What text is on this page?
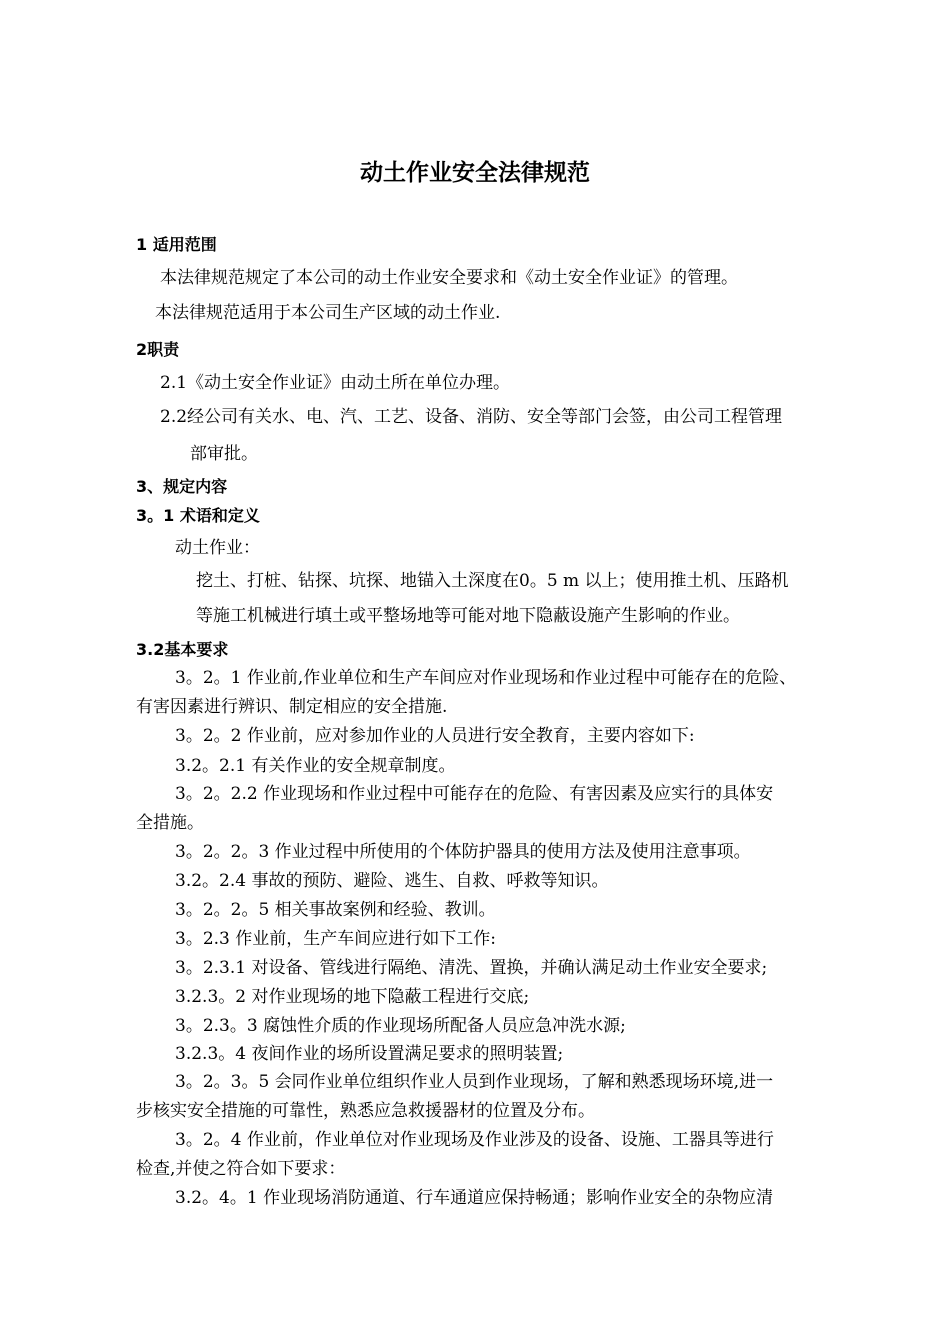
动土作业安全法律规范
1 适用范围
本法律规范规定了本公司的动土作业安全要求和《动土安全作业证》的管理。
本法律规范适用于本公司生产区域的动土作业.
2职责
2.1《动土安全作业证》由动土所在单位办理。
2.2经公司有关水、电、汽、工艺、设备、消防、安全等部门会签，由公司工程管理
部审批。
3、规定内容
3。1 术语和定义
动土作业：
挖土、打桩、钻探、坑探、地锚入土深度在0。5 m 以上；使用推土机、压路机
等施工机械进行填土或平整场地等可能对地下隐蔽设施产生影响的作业。
3.2基本要求
3。2。1 作业前,作业单位和生产车间应对作业现场和作业过程中可能存在的危险、
有害因素进行辨识、制定相应的安全措施.
3。2。2 作业前，应对参加作业的人员进行安全教育，主要内容如下:
3.2。2.1 有关作业的安全规章制度。
3。2。2.2 作业现场和作业过程中可能存在的危险、有害因素及应实行的具体安
全措施。
3。2。2。3 作业过程中所使用的个体防护器具的使用方法及使用注意事项。
3.2。2.4 事故的预防、避险、逃生、自救、呼救等知识。
3。2。2。5 相关事故案例和经验、教训。
3。2.3 作业前，生产车间应进行如下工作:
3。2.3.1 对设备、管线进行隔绝、清洗、置换，并确认满足动土作业安全要求;
3.2.3。2 对作业现场的地下隐蔽工程进行交底;
3。2.3。3 腐蚀性介质的作业现场所配备人员应急冲洗水源;
3.2.3。4 夜间作业的场所设置满足要求的照明装置;
3。2。3。5 会同作业单位组织作业人员到作业现场，了解和熟悉现场环境,进一
步核实安全措施的可靠性，熟悉应急救援器材的位置及分布。
3。2。4 作业前，作业单位对作业现场及作业涉及的设备、设施、工器具等进行
检查,并使之符合如下要求：
3.2。4。1 作业现场消防通道、行车通道应保持畅通；影响作业安全的杂物应清
